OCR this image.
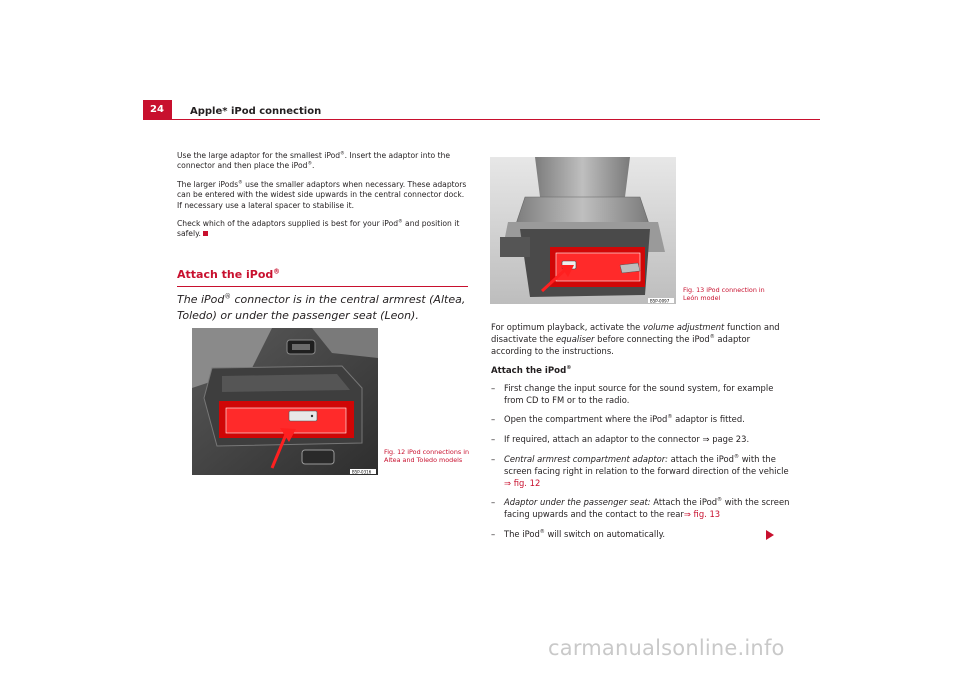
24	Apple* iPod connection

Use the large adaptor for the smallest iPod®. Insert the adaptor into the connector and then place the iPod®.

The larger iPods® use the smaller adaptors when necessary. These adaptors can be entered with the widest side upwards in the central connector dock. If necessary use a lateral spacer to stabilise it.

Check which of the adaptors supplied is best for your iPod® and position it safely.

Attach the iPod®

The iPod® connector is in the central armrest (Altea, Toledo) or under the passenger seat (Leon).

B5P-0316
Fig. 12 iPod connections in Altea and Toledo models
B5P-0097
Fig. 13 iPod connection in León model

For optimum playback, activate the volume adjustment function and disactivate the equaliser before connecting the iPod® adaptor according to the instructions.

Attach the iPod®
–	First change the input source for the sound system, for example from CD to FM or to the radio.
–	Open the compartment where the iPod® adaptor is fitted.
–	If required, attach an adaptor to the connector ⇒ page 23.
–	Central armrest compartment adaptor: attach the iPod® with the screen facing right in relation to the forward direction of the vehicle ⇒ fig. 12
–	Adaptor under the passenger seat: Attach the iPod® with the screen facing upwards and the contact to the rear⇒ fig. 13
–	The iPod® will switch on automatically.
carmanualsonline.info
